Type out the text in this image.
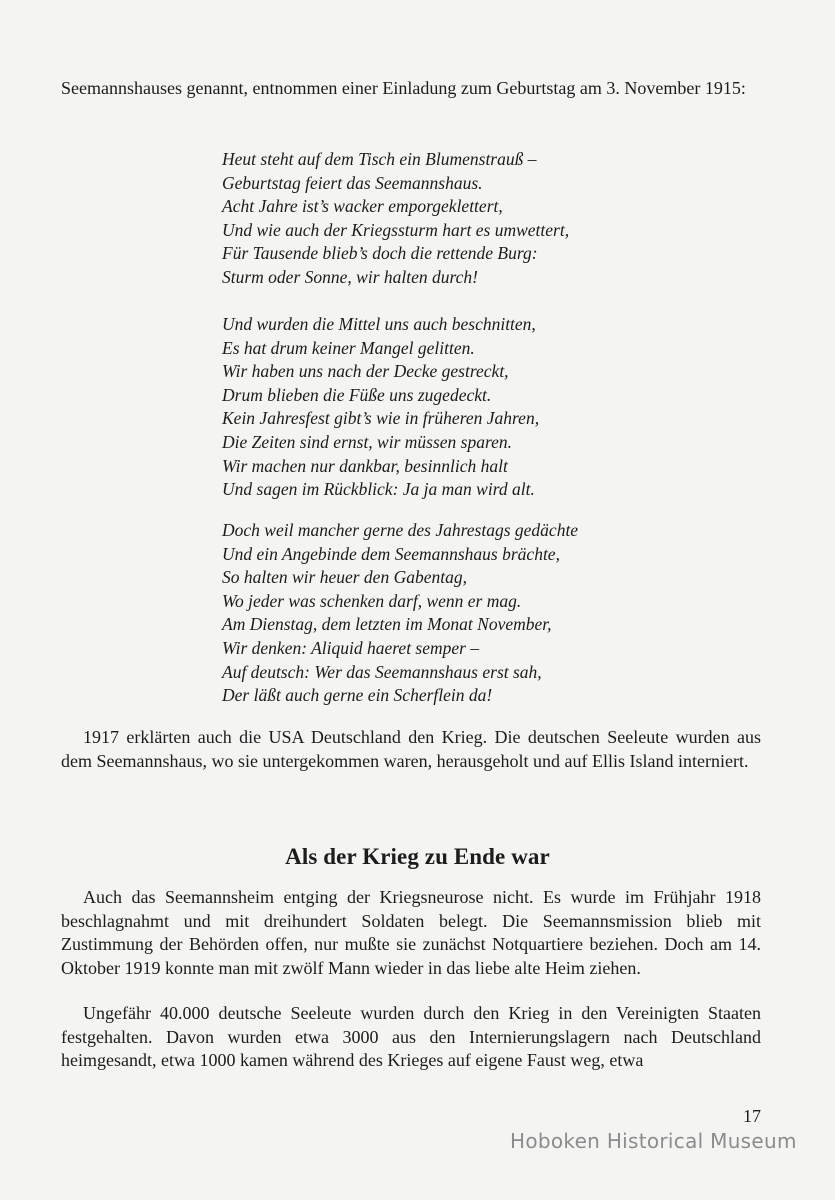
Seemannshauses genannt, entnommen einer Einladung zum Geburtstag am 3. November 1915:
Heut steht auf dem Tisch ein Blumenstrauß –
Geburtstag feiert das Seemannshaus.
Acht Jahre ist’s wacker emporgeklettert,
Und wie auch der Kriegssturm hart es umwettert,
Für Tausende blieb’s doch die rettende Burg:
Sturm oder Sonne, wir halten durch!
Und wurden die Mittel uns auch beschnitten,
Es hat drum keiner Mangel gelitten.
Wir haben uns nach der Decke gestreckt,
Drum blieben die Füße uns zugedeckt.
Kein Jahresfest gibt’s wie in früheren Jahren,
Die Zeiten sind ernst, wir müssen sparen.
Wir machen nur dankbar, besinnlich halt
Und sagen im Rückblick: Ja ja man wird alt.
Doch weil mancher gerne des Jahrestags gedächte
Und ein Angebinde dem Seemannshaus brächte,
So halten wir heuer den Gabentag,
Wo jeder was schenken darf, wenn er mag.
Am Dienstag, dem letzten im Monat November,
Wir denken: Aliquid haeret semper –
Auf deutsch: Wer das Seemannshaus erst sah,
Der läßt auch gerne ein Scherflein da!
1917 erklärten auch die USA Deutschland den Krieg. Die deutschen Seeleute wurden aus dem Seemannshaus, wo sie untergekommen waren, herausgeholt und auf Ellis Island interniert.
Als der Krieg zu Ende war
Auch das Seemannsheim entging der Kriegsneurose nicht. Es wurde im Frühjahr 1918 beschlagnahmt und mit dreihundert Soldaten belegt. Die Seemannsmission blieb mit Zustimmung der Behörden offen, nur mußte sie zunächst Notquartiere beziehen. Doch am 14. Oktober 1919 konnte man mit zwölf Mann wieder in das liebe alte Heim ziehen.
Ungefähr 40.000 deutsche Seeleute wurden durch den Krieg in den Vereinigten Staaten festgehalten. Davon wurden etwa 3000 aus den Internierungslagern nach Deutschland heimgesandt, etwa 1000 kamen während des Krieges auf eigene Faust weg, etwa
17
Hoboken Historical Museum
